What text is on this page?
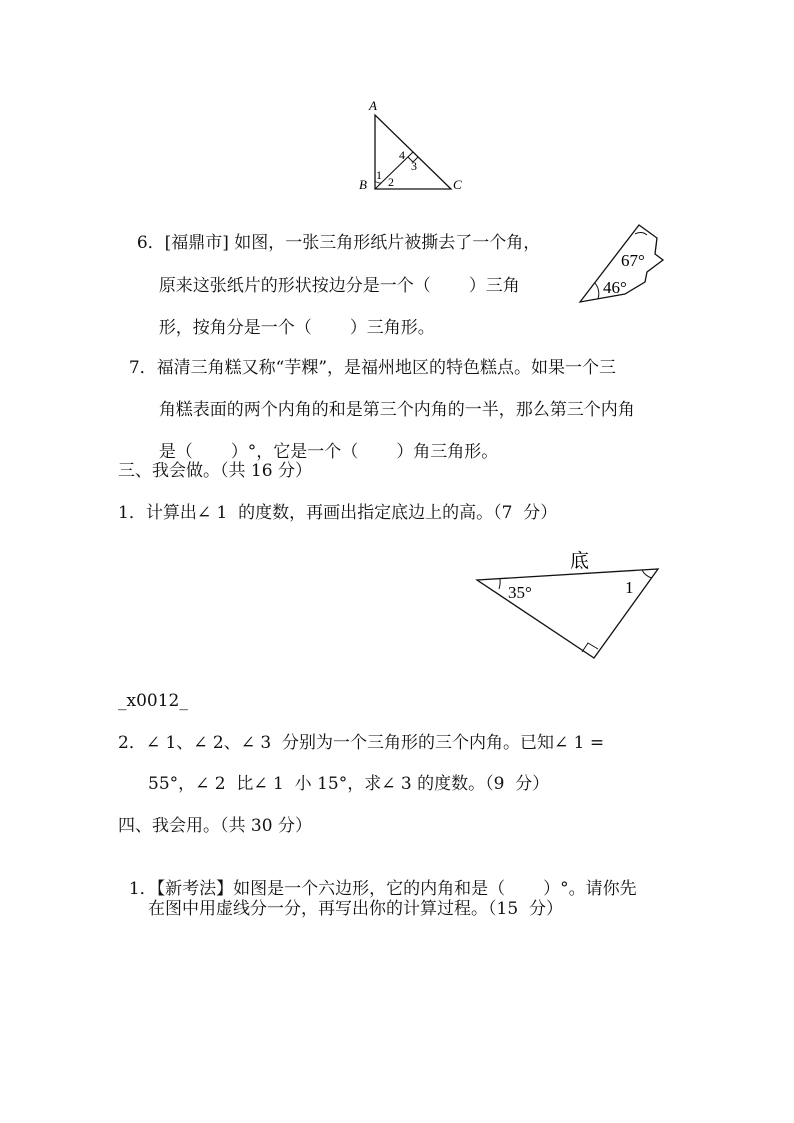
A
B	C
1 2
3
4

6．[福鼎市] 如图，一张三角形纸片被撕去了一个角，

原来这张纸片的形状按边分是一个（ ）三角

形，按角分是一个（ ）三角形。

67°
46°

7．福清三角糕又称“芋粿”，是福州地区的特色糕点。如果一个三

角糕表面的两个内角的和是第三个内角的一半，那么第三个内角

是（ ）°，它是一个（ ）角三角形。

三、我会做。（共 16 分）
1．计算出∠ 1  的度数，再画出指定底边上的高。（7  分）
底
35°	1
_x0012_
2．∠ 1、∠ 2、∠ 3  分别为一个三角形的三个内角。已知∠ 1 =
55°，∠ 2  比∠ 1  小 15°，求∠ 3 的度数。（9  分）
四、我会用。（共 30 分）

1．【新考法】如图是一个六边形，它的内角和是（ ）°。请你先

在图中用虚线分一分，再写出你的计算过程。（15  分）
